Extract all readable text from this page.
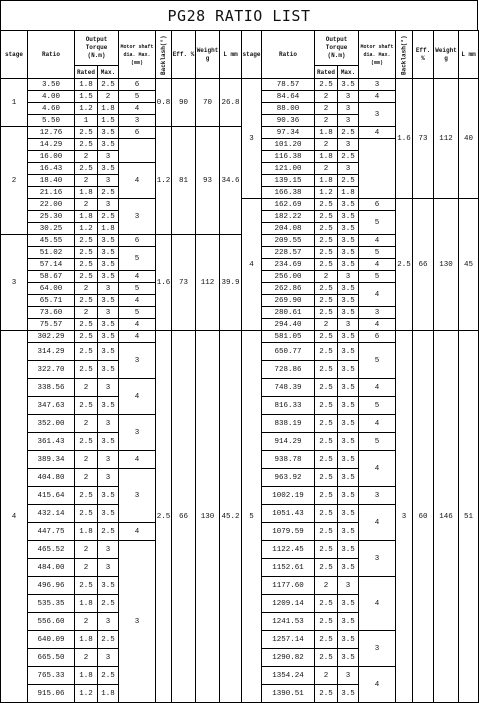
PG28 RATIO LIST
stage	Ratio	Output Torque (N.m)		Motor shaft dia. Max.(mm)	Backlash(°)	Eff. %	Weight g	L mm	stage	Ratio	Output Torque (N.m)		Motor shaft dia. Max.(mm)	Backlash(°)	Eff. %	Weight g	L mm
		Rated	Max.								Rated	Max.					
1	3.50	1.8	2.5	6	0.8	90	70	26.8	3	78.57	2.5	3.5	3	1.6	73	112	40
	4.00	1.5	2	5						84.64	2	3	4				
	4.60	1.2	1.8	4						88.00	2	3	3				
	5.50	1	1.5	3						90.36	2	3					
2	12.76	2.5	3.5	6	1.2	81	93	34.6		97.34	1.8	2.5	4				
	14.29	2.5	3.5							101.20	2	3					
	16.00	2	3							116.38	1.8	2.5					
	16.43	2.5	3.5	4						121.00	2	3					
	18.40	2	3							139.15	1.8	2.5					
	21.16	1.8	2.5							166.38	1.2	1.8					
	22.00	2	3	3					4	162.69	2.5	3.5	6	2.5	66	130	45
	25.30	1.8	2.5							182.22	2.5	3.5	5				
	30.25	1.2	1.8							204.08	2.5	3.5					
3	45.55	2.5	3.5	6	1.6	73	112	39.9		209.55	2.5	3.5	4				
	51.02	2.5	3.5	5						228.57	2.5	3.5	5				
	57.14	2.5	3.5							234.69	2.5	3.5	4				
	58.67	2.5	3.5	4						256.00	2	3	5				
	64.00	2	3	5						262.86	2.5	3.5	4				
	65.71	2.5	3.5	4						269.90	2.5	3.5					
	73.60	2	3	5						280.61	2.5	3.5	3				
	75.57	2.5	3.5	4						294.40	2	3	4				
4	302.29	2.5	3.5	4	2.5	66	130	45.2	5	581.05	2.5	3.5	6	3	60	146	51
	314.29	2.5	3.5	3						650.77	2.5	3.5	5				
	322.70	2.5	3.5							728.86	2.5	3.5					
	338.56	2	3	4						748.39	2.5	3.5	4				
	347.63	2.5	3.5							816.33	2.5	3.5	5				
	352.00	2	3	3						838.19	2.5	3.5	4				
	361.43	2.5	3.5							914.29	2.5	3.5	5				
	389.34	2	3	4						938.78	2.5	3.5	4				
	404.80	2	3	3						963.92	2.5	3.5					
	415.64	2.5	3.5							1002.19	2.5	3.5	3				
	432.14	2.5	3.5							1051.43	2.5	3.5	4				
	447.75	1.8	2.5	4						1079.59	2.5	3.5					
	465.52	2	3	3						1122.45	2.5	3.5	3				
	484.00	2	3							1152.61	2.5	3.5					
	496.96	2.5	3.5							1177.60	2	3	4				
	535.35	1.8	2.5							1209.14	2.5	3.5					
	556.60	2	3							1241.53	2.5	3.5					
	640.09	1.8	2.5							1257.14	2.5	3.5	3				
	665.50	2	3							1290.82	2.5	3.5					
	765.33	1.8	2.5							1354.24	2	3	4				
	915.06	1.2	1.8							1390.51	2.5	3.5					
